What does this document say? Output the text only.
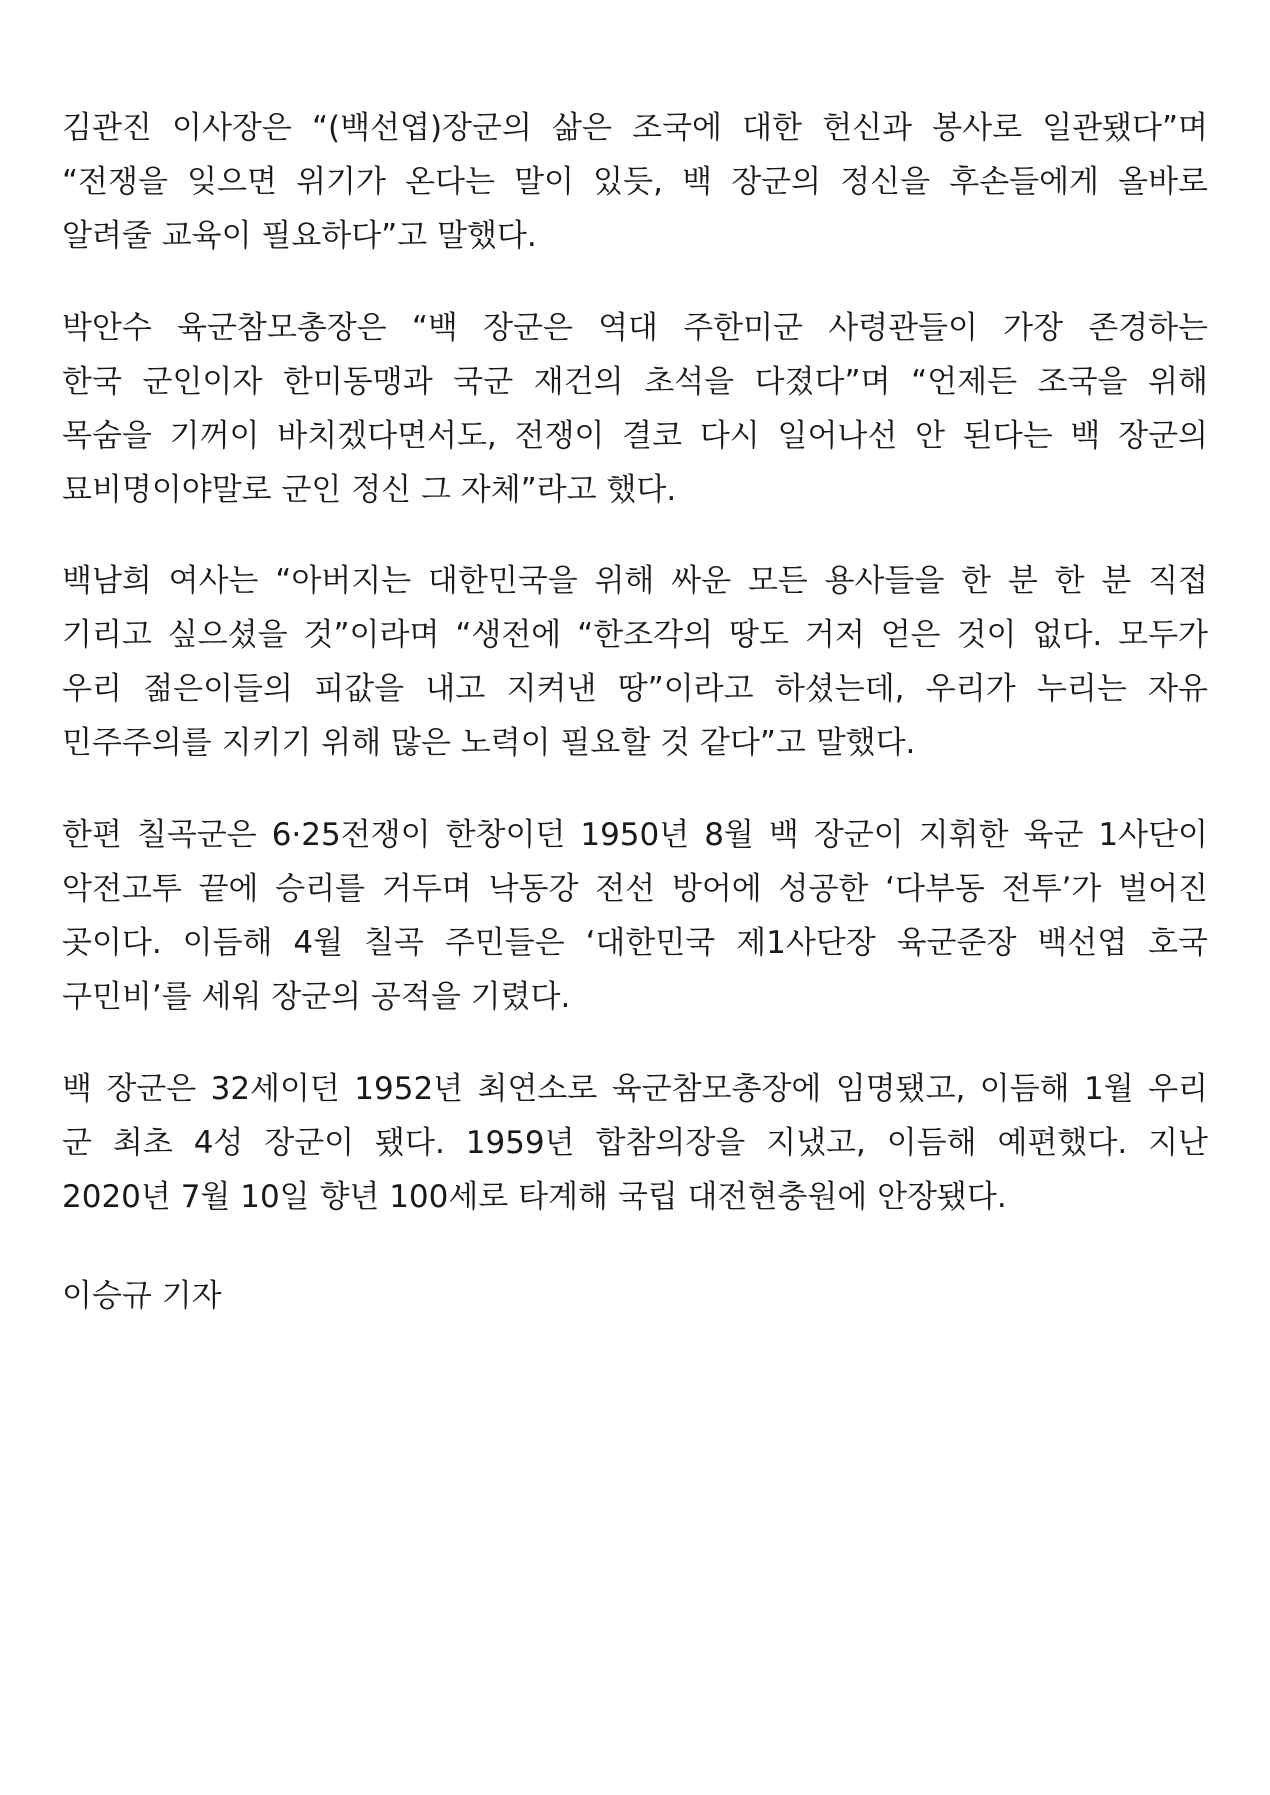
김관진 이사장은 “(백선엽)장군의 삶은 조국에 대한 헌신과 봉사로 일관됐다”며
“전쟁을 잊으면 위기가 온다는 말이 있듯, 백 장군의 정신을 후손들에게 올바로
알려줄 교육이 필요하다”고 말했다.
박안수 육군참모총장은 “백 장군은 역대 주한미군 사령관들이 가장 존경하는
한국 군인이자 한미동맹과 국군 재건의 초석을 다졌다”며 “언제든 조국을 위해
목숨을 기꺼이 바치겠다면서도, 전쟁이 결코 다시 일어나선 안 된다는 백 장군의
묘비명이야말로 군인 정신 그 자체”라고 했다.
백남희 여사는 “아버지는 대한민국을 위해 싸운 모든 용사들을 한 분 한 분 직접
기리고 싶으셨을 것”이라며 “생전에 “한조각의 땅도 거저 얻은 것이 없다. 모두가
우리 젊은이들의 피값을 내고 지켜낸 땅”이라고 하셨는데, 우리가 누리는 자유
민주주의를 지키기 위해 많은 노력이 필요할 것 같다”고 말했다.
한편 칠곡군은 6·25전쟁이 한창이던 1950년 8월 백 장군이 지휘한 육군 1사단이
악전고투 끝에 승리를 거두며 낙동강 전선 방어에 성공한 ‘다부동 전투’가 벌어진
곳이다. 이듬해 4월 칠곡 주민들은 ‘대한민국 제1사단장 육군준장 백선엽 호국
구민비’를 세워 장군의 공적을 기렸다.
백 장군은 32세이던 1952년 최연소로 육군참모총장에 임명됐고, 이듬해 1월 우리
군 최초 4성 장군이 됐다. 1959년 합참의장을 지냈고, 이듬해 예편했다. 지난
2020년 7월 10일 향년 100세로 타계해 국립 대전현충원에 안장됐다.
이승규 기자
